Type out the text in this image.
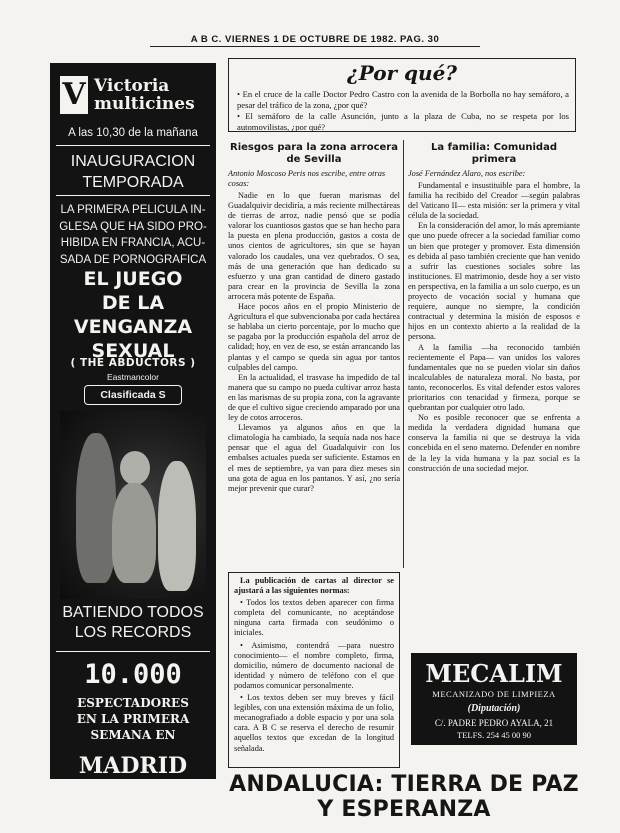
A B C. VIERNES 1 DE OCTUBRE DE 1982. PAG. 30
V Victoria
multicines
A las 10,30 de la mañana
INAUGURACION
TEMPORADA
LA PRIMERA PELICULA IN-
GLESA QUE HA SIDO PRO-
HIBIDA EN FRANCIA, ACU-
SADA DE PORNOGRAFICA
EL JUEGO
DE LA
VENGANZA
SEXUAL
( THE ABDUCTORS )
Eastmancolor
Clasificada S
BATIENDO TODOS
LOS RECORDS
10.000
ESPECTADORES
EN LA PRIMERA
SEMANA EN
MADRID
RICUROSAMENTE
MAYORES DE 18 AÑOS
¿Por qué?
• En el cruce de la calle Doctor Pedro Castro con la avenida de la Borbolla no hay semáforo, a pesar del tráfico de la zona, ¿por qué?
• El semáforo de la calle Asunción, junto a la plaza de Cuba, no se respeta por los automovilistas, ¿por qué?
Riesgos para la zona arrocera de Sevilla
Antonio Moscoso Peris nos escribe, entre otras cosas:

Nadie en lo que fueran marismas del Guadalquivir decidiría, a más reciente milhectáreas de tierras de arroz, nadie pensó que se podía valorar los cuantiosos gastos que se han hecho para la puesta en plena producción, gastos a costa de unos cientos de agricultores, sin que se hayan valorado los caudales, una vez quebrados. O sea, más de una generación que han dedicado su esfuerzo y una gran cantidad de dinero gastado para crear en la provincia de Sevilla la zona arrocera más potente de España.

Hace pocos años en el propio Ministerio de Agricultura el que subvencionaba por cada hectárea se hablaba un cierto porcentaje, por lo mucho que se pagaba por la producción española del arroz de calidad; hoy, en vez de eso, se están arrancando las plantas y el campo se queda sin agua por tantos culpables del campo.

En la actualidad, el trasvase ha impedido de tal manera que su campo no pueda cultivar arroz hasta en las marismas de su propia zona, con la agravante de que el cultivo sigue creciendo amparado por una ley de cotos arroceros.

Llevamos ya algunos años en que la climatología ha cambiado, la sequía nada nos hace pensar que el agua del Guadalquivir con los embalses actuales pueda ser suficiente. Estamos en el mes de septiembre, ya van para diez meses sin una gota de agua en los pantanos. Y así, ¿no sería mejor prevenir que curar?

La familia: Comunidad primera
José Fernández Alaro, nos escribe:

Fundamental e insustituible para el hombre, la familia ha recibido del Creador —según palabras del Vaticano II— esta misión: ser la primera y vital célula de la sociedad.

En la consideración del amor, lo más apremiante que uno puede ofrecer a la sociedad familiar como un bien que proteger y promover. Esta dimensión es debida al paso también creciente que han venido a sufrir las cuestiones sociales sobre las instituciones. El matrimonio, desde hoy a ser visto en perspectiva, en la familia a un solo cuerpo, es un proyecto de vocación social y humana que requiere, aunque no siempre, la condición contractual y determina la misión de esposos e hijos en un contexto abierto a la realidad de la persona.

A la familia —ha reconocido también recientemente el Papa— van unidos los valores fundamentales que no se pueden violar sin daños incalculables de naturaleza moral. No basta, por tanto, reconocerlos. Es vital defender estos valores prioritarios con tenacidad y firmeza, porque se quebrantan por cualquier otro lado.

No es posible reconocer que se enfrenta a medida la verdadera dignidad humana que conserva la familia ni que se destruya la vida concebida en el seno materno. Defender en nombre de la ley la vida humana y la paz social es la construcción de una sociedad mejor.

La publicación de cartas al director se ajustará a las siguientes normas:

• Todos los textos deben aparecer con firma completa del comunicante, no aceptándose ninguna carta firmada con seudónimo o iniciales.

• Asimismo, contendrá —para nuestro conocimiento— el nombre completo, firma, domicilio, número de documento nacional de identidad y número de teléfono con el que podamos comunicar personalmente.

• Los textos deben ser muy breves y fácil legibles, con una extensión máxima de un folio, mecanografiado a doble espacio y por una sola cara. A B C se reserva el derecho de resumir aquellos textos que excedan de la longitud señalada.

MECALIM
MECANIZADO DE LIMPIEZA
(Diputación)
C/. PADRE PEDRO AYALA, 21
TELFS. 254 45 00 90
ANDALUCIA: TIERRA DE PAZ Y ESPERANZA
